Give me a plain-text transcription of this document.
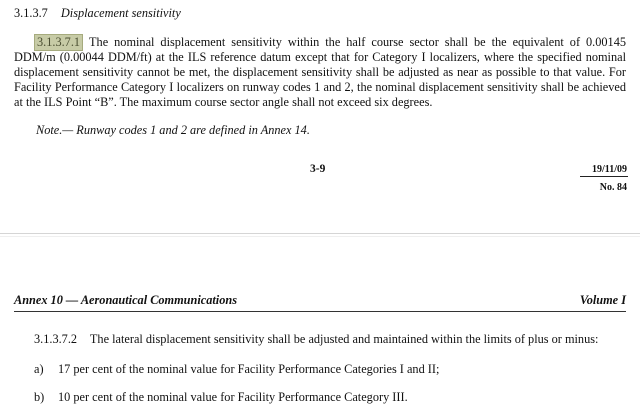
3.1.3.7 Displacement sensitivity
3.1.3.7.1 The nominal displacement sensitivity within the half course sector shall be the equivalent of 0.00145 DDM/m (0.00044 DDM/ft) at the ILS reference datum except that for Category I localizers, where the specified nominal displacement sensitivity cannot be met, the displacement sensitivity shall be adjusted as near as possible to that value. For Facility Performance Category I localizers on runway codes 1 and 2, the nominal displacement sensitivity shall be achieved at the ILS Point “B”. The maximum course sector angle shall not exceed six degrees.
Note.— Runway codes 1 and 2 are defined in Annex 14.
3-9	19/11/09
No. 84
Annex 10 — Aeronautical Communications	Volume I
3.1.3.7.2 The lateral displacement sensitivity shall be adjusted and maintained within the limits of plus or minus:
a) 17 per cent of the nominal value for Facility Performance Categories I and II;
b) 10 per cent of the nominal value for Facility Performance Category III.
